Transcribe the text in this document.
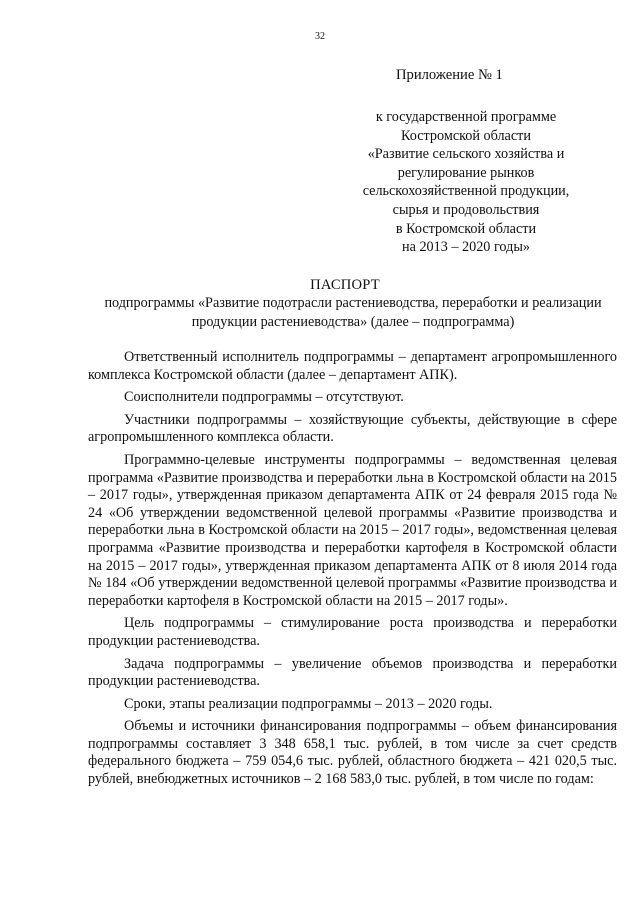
32
Приложение № 1
к государственной программе
Костромской области
«Развитие сельского хозяйства и
регулирование рынков
сельскохозяйственной продукции,
сырья и продовольствия
в Костромской области
на 2013 – 2020 годы»
ПАСПОРТ
подпрограммы «Развитие подотрасли растениеводства, переработки и реализации продукции растениеводства» (далее – подпрограмма)

Ответственный исполнитель подпрограммы – департамент агропромышленного комплекса Костромской области (далее – департамент АПК).

Соисполнители подпрограммы – отсутствуют.

Участники подпрограммы – хозяйствующие субъекты, действующие в сфере агропромышленного комплекса области.

Программно-целевые инструменты подпрограммы – ведомственная целевая программа «Развитие производства и переработки льна в Костромской области на 2015 – 2017 годы», утвержденная приказом департамента АПК от 24 февраля 2015 года № 24 «Об утверждении ведомственной целевой программы «Развитие производства и переработки льна в Костромской области на 2015 – 2017 годы», ведомственная целевая программа «Развитие производства и переработки картофеля в Костромской области на 2015 – 2017 годы», утвержденная приказом департамента АПК от 8 июля 2014 года № 184 «Об утверждении ведомственной целевой программы «Развитие производства и переработки картофеля в Костромской области на 2015 – 2017 годы».

Цель подпрограммы – стимулирование роста производства и переработки продукции растениеводства.

Задача подпрограммы – увеличение объемов производства и переработки продукции растениеводства.

Сроки, этапы реализации подпрограммы – 2013 – 2020 годы.

Объемы и источники финансирования подпрограммы – объем финансирования подпрограммы составляет 3 348 658,1 тыс. рублей, в том числе за счет средств федерального бюджета – 759 054,6 тыс. рублей, областного бюджета – 421 020,5 тыс. рублей, внебюджетных источников – 2 168 583,0 тыс. рублей, в том числе по годам:
